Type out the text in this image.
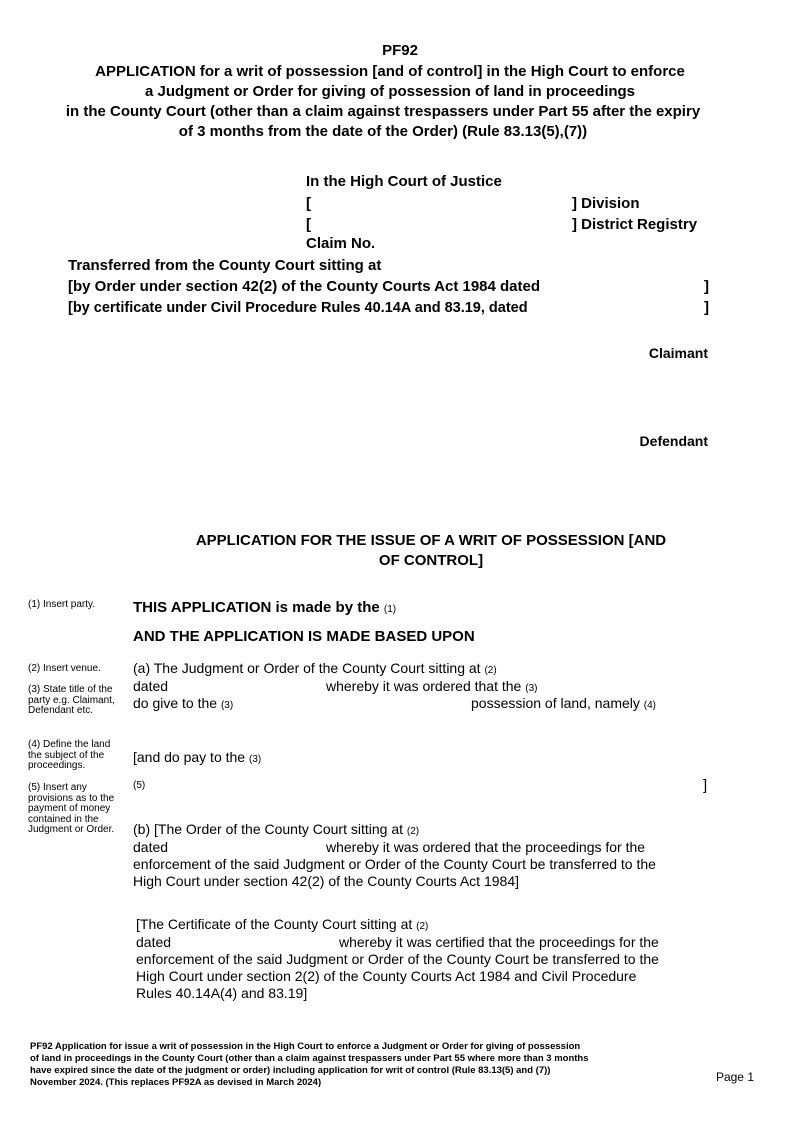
PF92
APPLICATION for a writ of possession [and of control] in the High Court to enforce
a Judgment or Order for giving of possession of land in proceedings
in the County Court (other than a claim against trespassers under Part 55 after the expiry
of 3 months from the date of the Order) (Rule 83.13(5),(7))
In the High Court of Justice
[	] Division
[	] District Registry
Claim No.
Transferred from the County Court sitting at
[by Order under section 42(2) of the County Courts Act 1984 dated	]
[by certificate under Civil Procedure Rules 40.14A and 83.19, dated	]
Claimant
Defendant
APPLICATION FOR THE ISSUE OF A WRIT OF POSSESSION [AND
OF CONTROL]
(1) Insert party.
(2) Insert venue.
(3) State title of the party e.g. Claimant, Defendant etc.
(4) Define the land the subject of the proceedings.
(5) Insert any provisions as to the payment of money contained in the Judgment or Order.
THIS APPLICATION is made by the (1)
AND THE APPLICATION IS MADE BASED UPON
(a) The Judgment or Order of the County Court sitting at (2)
dated	whereby it was ordered that the (3)
do give to the (3)	possession of land, namely (4)
[and do pay to the (3)
(5)	]
(b) [The Order of the County Court sitting at (2)
dated	whereby it was ordered that the proceedings for the
enforcement of the said Judgment or Order of the County Court be transferred to the
High Court under section 42(2) of the County Courts Act 1984]
[The Certificate of the County Court sitting at (2)
dated	whereby it was certified that the proceedings for the
enforcement of the said Judgment or Order of the County Court be transferred to the
High Court under section 2(2) of the County Courts Act 1984 and Civil Procedure
Rules 40.14A(4) and 83.19]
PF92 Application for issue a writ of possession in the High Court to enforce a Judgment or Order for giving of possession
of land in proceedings in the County Court (other than a claim against trespassers under Part 55 where more than 3 months
have expired since the date of the judgment or order) including application for writ of control (Rule 83.13(5) and (7))
November 2024. (This replaces PF92A as devised in March 2024)	Page 1
